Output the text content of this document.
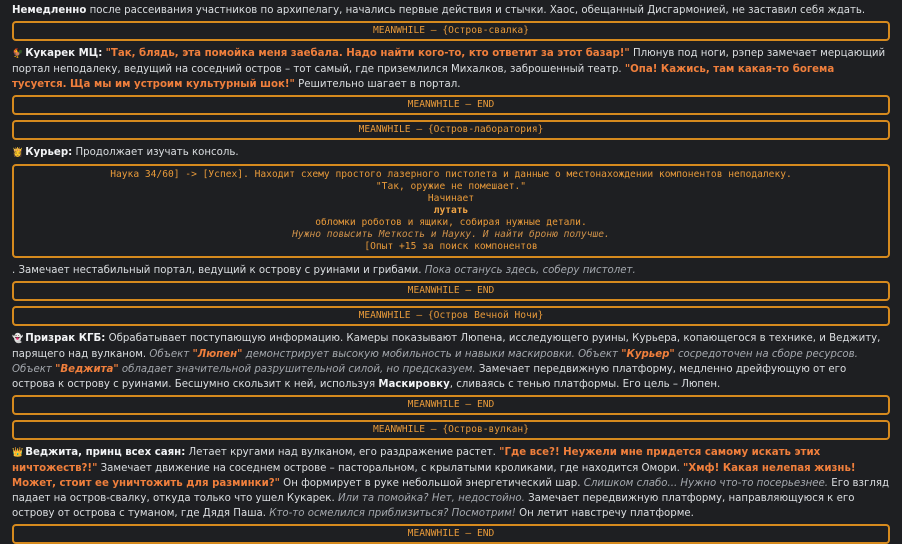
Немедленно после рассеивания участников по архипелагу, начались первые действия и стычки. Хаос, обещанный Дисгармонией, не заставил себя ждать.

MEANWHILE – {Остров-свалка}

🐓 Кукарек МЦ: "Так, блядь, эта помойка меня заебала. Надо найти кого-то, кто ответит за этот базар!" Плюнув под ноги, рэпер замечает мерцающий портал неподалеку, ведущий на соседний остров – тот самый, где приземлился Михалков, заброшенный театр. "Опа! Кажись, там какая-то богема тусуется. Ща мы им устроим культурный шок!" Решительно шагает в портал.

MEANWHILE – END
MEANWHILE – {Остров-лаборатория}

👸 Курьер: Продолжает изучать консоль.

Наука 34/60] -> [Успех]. Находит схему простого лазерного пистолета и данные о местонахождении компонентов неподалеку.
"Так, оружие не помешает."
Начинает
лутать
обломки роботов и ящики, собирая нужные детали.
Нужно повысить Меткость и Науку. И найти броню получше.
[Опыт +15 за поиск компонентов

. Замечает нестабильный портал, ведущий к острову с руинами и грибами. Пока останусь здесь, соберу пистолет.

MEANWHILE – END
MEANWHILE – {Остров Вечной Ночи}

👻 Призрак КГБ: Обрабатывает поступающую информацию. Камеры показывают Люпена, исследующего руины, Курьера, копающегося в технике, и Веджиту, парящего над вулканом. Объект "Люпен" демонстрирует высокую мобильность и навыки маскировки. Объект "Курьер" сосредоточен на сборе ресурсов. Объект "Веджита" обладает значительной разрушительной силой, но предсказуем. Замечает передвижную платформу, медленно дрейфующую от его острова к острову с руинами. Бесшумно скользит к ней, используя Маскировку, сливаясь с тенью платформы. Его цель – Люпен.

MEANWHILE – END
MEANWHILE – {Остров-вулкан}

👑 Веджита, принц всех саян: Летает кругами над вулканом, его раздражение растет. "Где все?! Неужели мне придется самому искать этих ничтожеств?!" Замечает движение на соседнем острове – пасторальном, с крылатыми кроликами, где находится Омори. "Хмф! Какая нелепая жизнь! Может, стоит ее уничтожить для разминки?" Он формирует в руке небольшой энергетический шар. Слишком слабо... Нужно что-то посерьезнее. Его взгляд падает на остров-свалку, откуда только что ушел Кукарек. Или та помойка? Нет, недостойно. Замечает передвижную платформу, направляющуюся к его острову от острова с туманом, где Дядя Паша. Кто-то осмелился приблизиться? Посмотрим! Он летит навстречу платформе.

MEANWHILE – END
